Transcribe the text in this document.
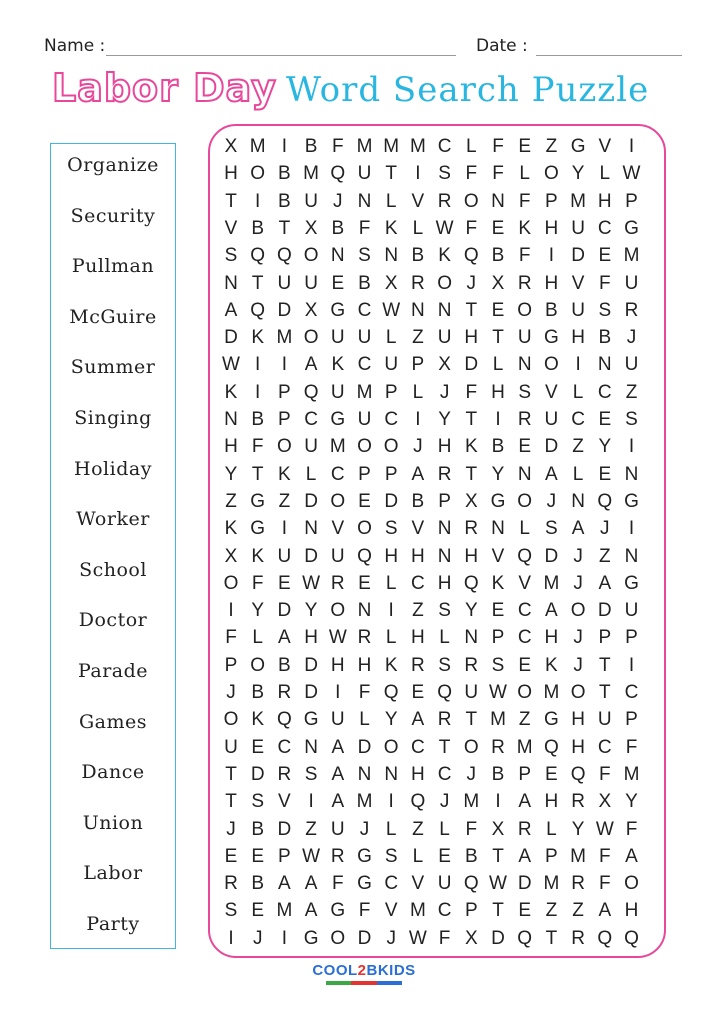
Name :	Date :
Labor Day Word Search Puzzle
Organize
Security
Pullman
McGuire
Summer
Singing
Holiday
Worker
School
Doctor
Parade
Games
Dance
Union
Labor
Party
X M I B F M M M C L F E Z G V I
H O B M Q U T I S F F L O Y L W
T I B U J N L V R O N F P M H P
V B T X B F K L W F E K H U C G
S Q Q O N S N B K Q B F I D E M
N T U U E B X R O J X R H V F U
A Q D X G C W N N T E O B U S R
D K M O U U L Z U H T U G H B J
W I	I A K C U P X D L N O I N U
K I P Q U M P L J F H S V L C Z
N B P C G U C I Y T I R U C E S
H F O U M O O J H K B E D Z Y I
Y T K L C P P A R T Y N A L E N
Z G Z D O E D B P X G O J N Q G
K G I N V O S V N R N L S A J	I
X K U D U Q H H N H V Q D J Z N
O F E W R E L C H Q K V M J A G
I Y D Y O N I Z S Y E C A O D U
F L A H W R L H L N P C H J P P
P O B D H H K R S R S E K J T I
J B R D I F Q E Q U W O M O T C
O K Q G U L Y A R T M Z G H U P
U E C N A D O C T O R M Q H C F
T D R S A N N H C J B P E Q F M
T S V I A M I Q J M I A H R X Y
J B D Z U J L Z L F X R L Y W F
E E P W R G S L E B T A P M F A
R B A A F G C V U Q W D M R F O
S E M A G F V M C P T E Z Z A H
I	J	I G O D J W F X D Q T R Q Q
COOL2BKIDS
